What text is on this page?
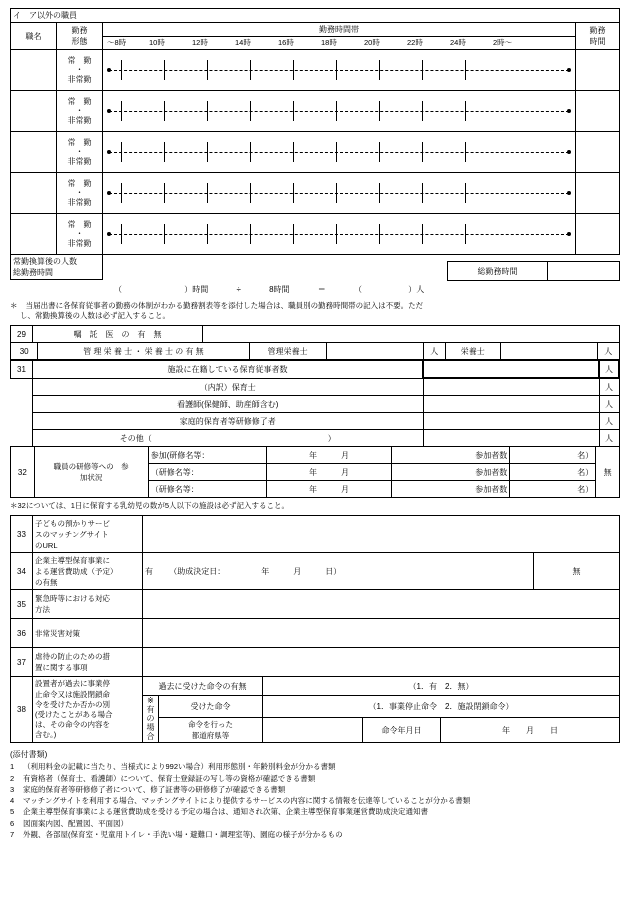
イ　ア以外の職員			
職名	勤務
形態	勤務時間帯	勤務
時間

～8時	10時	12時	14時	16時	18時	20時	22時	24時	2時～

	常　勤
・
非常勤	

	常　勤
・
非常勤	

	常　勤
・
非常勤	

	常　勤
・
非常勤	

	常　勤
・
非常勤	

常勤換算後の人数
総勤務時間			
			総勤務時間	
	（	）時間	÷	8時間	＝	（	）人	
＊ 当届出書に各保育従事者の勤務の体制がわかる勤務割表等を添付した場合は、職員別の勤務時間帯の記入は不要。ただ
し、常勤換算後の人数は必ず記入すること。
29	嘱　託　医　の　有　無	
30	管 理 栄 養 士 ・ 栄 養 士 の 有 無	管理栄養士		人	栄養士		人
31	施設に在籍している保育従事者数		人
	（内訳）保育士		人
	看護師(保健師、助産師含む)		人
	家庭的保育者等研修修了者		人
	その他（　　　　　　　　　　　　　　　　　　　　　　）		人
32	職員の研修等への　参
加状況	参加(研修名等：	年　　　月	参加者数	名）	無
		（研修名等：	年　　　月	参加者数	名）	
		（研修名等：	年　　　月	参加者数	名）	
＊32については、1日に保育する乳幼児の数が5人以下の施設は必ず記入すること。
33	子どもの預かりサービ
スのマッチングサイト
のURL	
34	企業主導型保育事業に
よる運営費助成（予定）
の有無	有 （助成決定日：　　　　　年　　　月　　　日）	無
35	緊急時等における対応
方法	
36	非常災害対策	
37	虐待の防止のための措
置に関する事項	
38	設置者が過去に事業停
止命令又は施設閉鎖命
令を受けたか否かの別
(受けたことがある場合
は、その命令の内容を
含む。)	過去に受けた命令の有無	（1．有　2．無）
		※有
の場
合	受けた命令	（1．事業停止命令　2．施設閉鎖命令）		
			命令を行った
都道府県等		命令年月日	年　　月　　日
(添付書類)
1 （利用料金の記載に当たり、当様式により992い場合）利用形態別・年齢別料金が分かる書類
2 有資格者（保育士、看護師）について、保育士登録証の写し等の資格が確認できる書類
3 家庭的保育者等研修修了者について、修了証書等の研修修了が確認できる書類
4 マッチングサイトを利用する場合、マッチングサイトにより提供するサービスの内容に関する情報を伝達等していることが分かる書類
5 企業主導型保育事業による運営費助成を受ける予定の場合は、通知され次第、企業主導型保育事業運営費助成決定通知書
6 図面案内図、配置図、平面図）
7 外観、各部屋(保育室・児童用トイレ・手洗い場・避難口・調理室等)、園庭の様子が分かるもの
